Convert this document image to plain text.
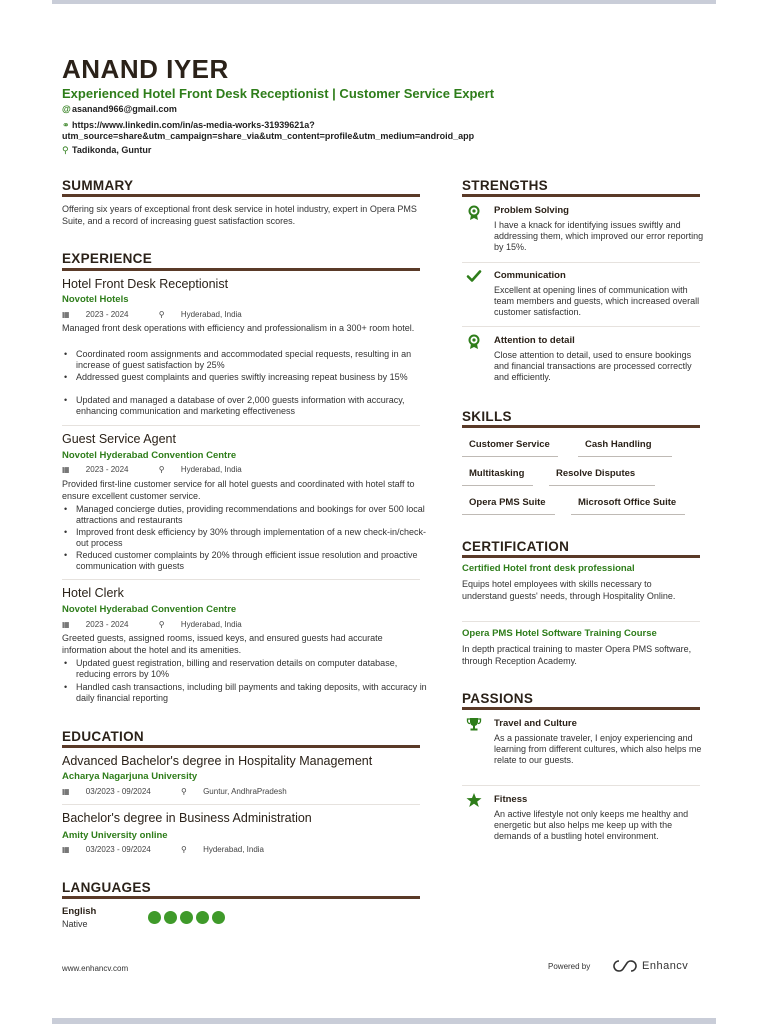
ANAND IYER
Experienced Hotel Front Desk Receptionist | Customer Service Expert
@asanand966@gmail.com
⚭ https://www.linkedin.com/in/as-media-works-31939621a?
utm_source=share&utm_campaign=share_via&utm_content=profile&utm_medium=android_app
⚲ Tadikonda, Guntur
SUMMARY
Offering six years of exceptional front desk service in hotel industry, expert in Opera PMS Suite, and a record of increasing guest satisfaction scores.
EXPERIENCE
Hotel Front Desk Receptionist
Novotel Hotels
▦ 2023 - 2024	⚲ Hyderabad, India
Managed front desk operations with efficiency and professionalism in a 300+ room hotel.
• Coordinated room assignments and accommodated special requests, resulting in an increase of guest satisfaction by 25%
• Addressed guest complaints and queries swiftly increasing repeat business by 15%
• Updated and managed a database of over 2,000 guests information with accuracy, enhancing communication and marketing effectiveness
Guest Service Agent
Novotel Hyderabad Convention Centre
▦ 2023 - 2024	⚲ Hyderabad, India
Provided first-line customer service for all hotel guests and coordinated with hotel staff to ensure excellent customer service.
• Managed concierge duties, providing recommendations and bookings for over 500 local attractions and restaurants
• Improved front desk efficiency by 30% through implementation of a new check-in/check-out process
• Reduced customer complaints by 20% through efficient issue resolution and proactive communication with guests
Hotel Clerk
Novotel Hyderabad Convention Centre
▦ 2023 - 2024	⚲ Hyderabad, India
Greeted guests, assigned rooms, issued keys, and ensured guests had accurate information about the hotel and its amenities.
• Updated guest registration, billing and reservation details on computer database, reducing errors by 10%
• Handled cash transactions, including bill payments and taking deposits, with accuracy in daily financial reporting
EDUCATION
Advanced Bachelor's degree in Hospitality Management
Acharya Nagarjuna University
▦ 03/2023 - 09/2024	⚲ Guntur, AndhraPradesh
Bachelor's degree in Business Administration
Amity University online
▦ 03/2023 - 09/2024	⚲ Hyderabad, India
LANGUAGES
English
Native
STRENGTHS
Problem Solving
I have a knack for identifying issues swiftly and addressing them, which improved our error reporting by 15%.
Communication
Excellent at opening lines of communication with team members and guests, which increased overall customer satisfaction.
Attention to detail
Close attention to detail, used to ensure bookings and financial transactions are processed correctly and efficiently.
SKILLS
Customer Service	Cash Handling
Multitasking	Resolve Disputes
Opera PMS Suite	Microsoft Office Suite
CERTIFICATION
Certified Hotel front desk professional
Equips hotel employees with skills necessary to understand guests' needs, through Hospitality Online.
Opera PMS Hotel Software Training Course
In depth practical training to master Opera PMS software, through Reception Academy.
PASSIONS
Travel and Culture
As a passionate traveler, I enjoy experiencing and learning from different cultures, which also helps me relate to our guests.
Fitness
An active lifestyle not only keeps me healthy and energetic but also helps me keep up with the demands of a bustling hotel environment.
www.enhancv.com	Powered by	Enhancv
